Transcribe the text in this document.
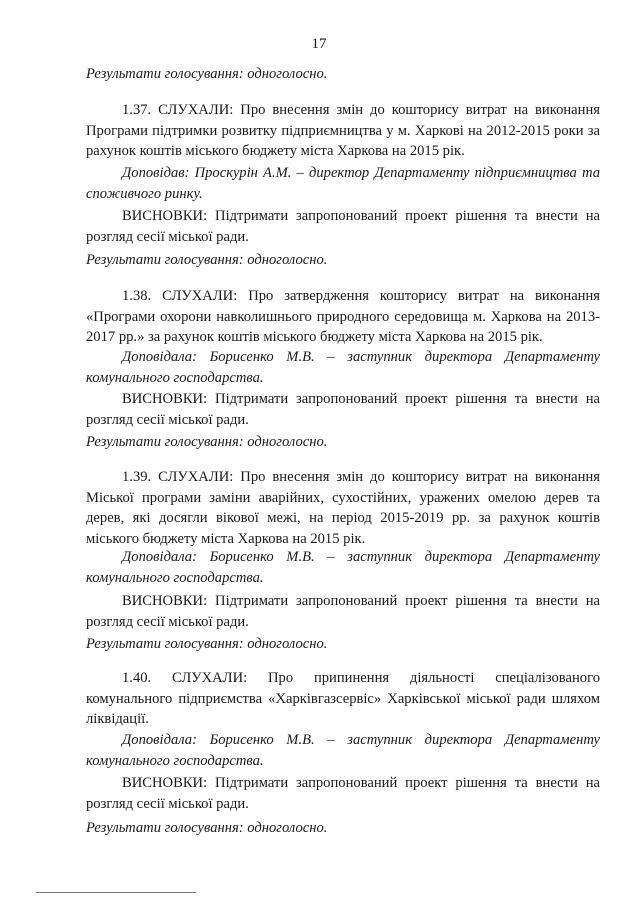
17
Результати голосування: одноголосно.
1.37. СЛУХАЛИ: Про внесення змін до кошторису витрат на виконання Програми підтримки розвитку підприємництва у м. Харкові на 2012-2015 роки за рахунок коштів міського бюджету міста Харкова на 2015 рік.
Доповідав: Проскурін А.М. – директор Департаменту підприємництва та споживчого ринку.
ВИСНОВКИ: Підтримати запропонований проект рішення та внести на розгляд сесії міської ради.
Результати голосування: одноголосно.
1.38. СЛУХАЛИ: Про затвердження кошторису витрат на виконання «Програми охорони навколишнього природного середовища м. Харкова на 2013-2017 рр.» за рахунок коштів міського бюджету міста Харкова на 2015 рік.
Доповідала: Борисенко М.В. – заступник директора Департаменту комунального господарства.
ВИСНОВКИ: Підтримати запропонований проект рішення та внести на розгляд сесії міської ради.
Результати голосування: одноголосно.
1.39. СЛУХАЛИ: Про внесення змін до кошторису витрат на виконання Міської програми заміни аварійних, сухостійних, уражених омелою дерев та дерев, які досягли вікової межі, на період 2015-2019 рр. за рахунок коштів міського бюджету міста Харкова на 2015 рік.
Доповідала: Борисенко М.В. – заступник директора Департаменту комунального господарства.
ВИСНОВКИ: Підтримати запропонований проект рішення та внести на розгляд сесії міської ради.
Результати голосування: одноголосно.
1.40. СЛУХАЛИ: Про припинення діяльності спеціалізованого комунального підприємства «Харківгазсервіс» Харківської міської ради шляхом ліквідації.
Доповідала: Борисенко М.В. – заступник директора Департаменту комунального господарства.
ВИСНОВКИ: Підтримати запропонований проект рішення та внести на розгляд сесії міської ради.
Результати голосування: одноголосно.
